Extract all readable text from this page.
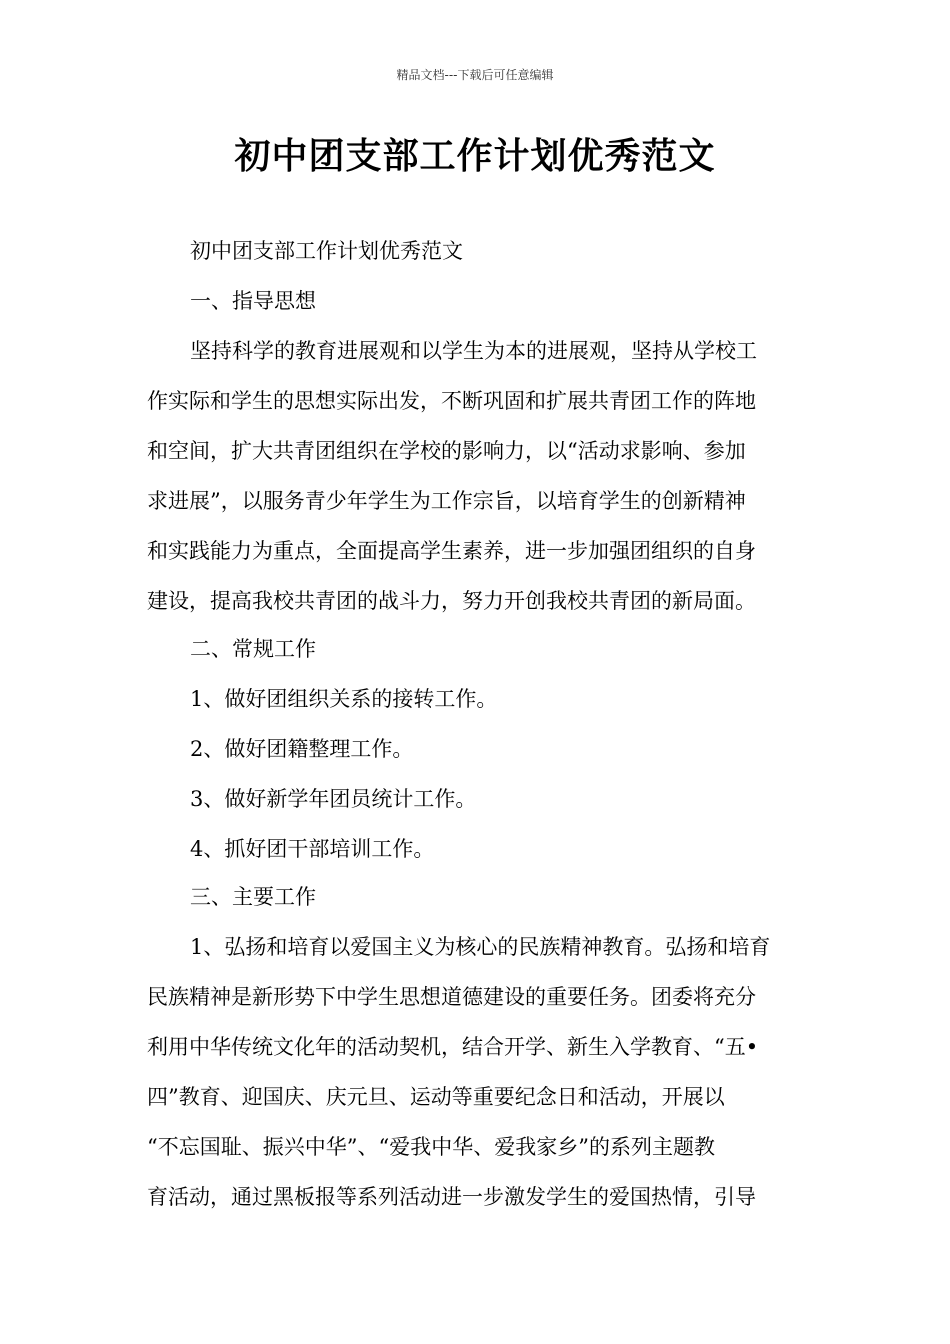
精品文档---下载后可任意编辑
初中团支部工作计划优秀范文
初中团支部工作计划优秀范文
一、指导思想
坚持科学的教育进展观和以学生为本的进展观，坚持从学校工
作实际和学生的思想实际出发，不断巩固和扩展共青团工作的阵地
和空间，扩大共青团组织在学校的影响力，以“活动求影响、参加
求进展”，以服务青少年学生为工作宗旨，以培育学生的创新精神
和实践能力为重点，全面提高学生素养，进一步加强团组织的自身
建设，提高我校共青团的战斗力，努力开创我校共青团的新局面。
二、常规工作
1、做好团组织关系的接转工作。
2、做好团籍整理工作。
3、做好新学年团员统计工作。
4、抓好团干部培训工作。
三、主要工作
1、弘扬和培育以爱国主义为核心的民族精神教育。弘扬和培育
民族精神是新形势下中学生思想道德建设的重要任务。团委将充分
利用中华传统文化年的活动契机，结合开学、新生入学教育、“五•
四”教育、迎国庆、庆元旦、运动等重要纪念日和活动，开展以
“不忘国耻、振兴中华”、“爱我中华、爱我家乡”的系列主题教
育活动，通过黑板报等系列活动进一步激发学生的爱国热情，引导
